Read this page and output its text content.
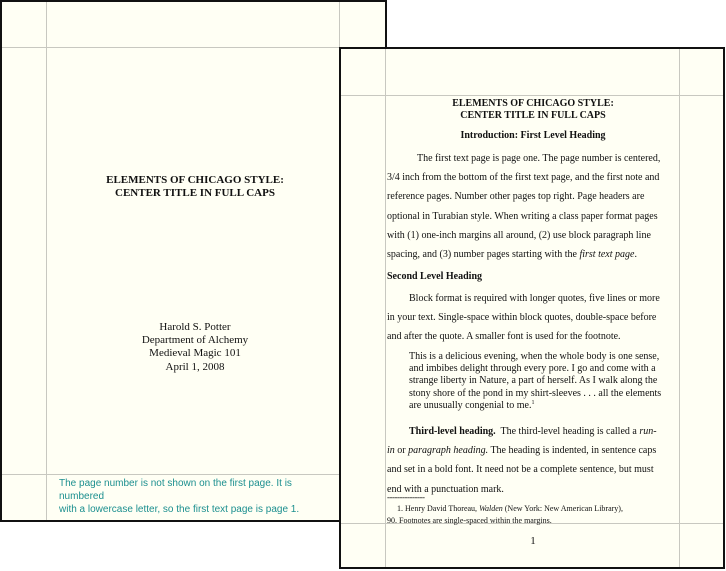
ELEMENTS OF CHICAGO STYLE:
CENTER TITLE IN FULL CAPS
Harold S. Potter
Department of Alchemy
Medieval Magic 101
April 1, 2008
The page number is not shown on the first page. It is numbered
with a lowercase letter, so the first text page is page 1.
ELEMENTS OF CHICAGO STYLE:
CENTER TITLE IN FULL CAPS
Introduction: First Level Heading
The first text page is page one. The page number is centered,
3/4 inch from the bottom of the first text page, and the first note and
reference pages. Number other pages top right. Page headers are
optional in Turabian style. When writing a class paper format pages
with (1) one-inch margins all around, (2) use block paragraph line
spacing, and (3) number pages starting with the first text page.
Second Level Heading
Block format is required with longer quotes, five lines or more
in your text. Single-space within block quotes, double-space before
and after the quote. A smaller font is used for the footnote.
This is a delicious evening, when the whole body is one sense,
and imbibes delight through every pore. I go and come with a
strange liberty in Nature, a part of herself. As I walk along the
stony shore of the pond in my shirt-sleeves . . . all the elements
are unusually congenial to me.$^1$
Third-level heading.  The third-level heading is called a run-
in or paragraph heading. The heading is indented, in sentence caps
and set in a bold font. It need not be a complete sentence, but must
end with a punctuation mark.
---------------
1. Henry David Thoreau, Walden (New York: New American Library),
90. Footnotes are single-spaced within the margins.
1
